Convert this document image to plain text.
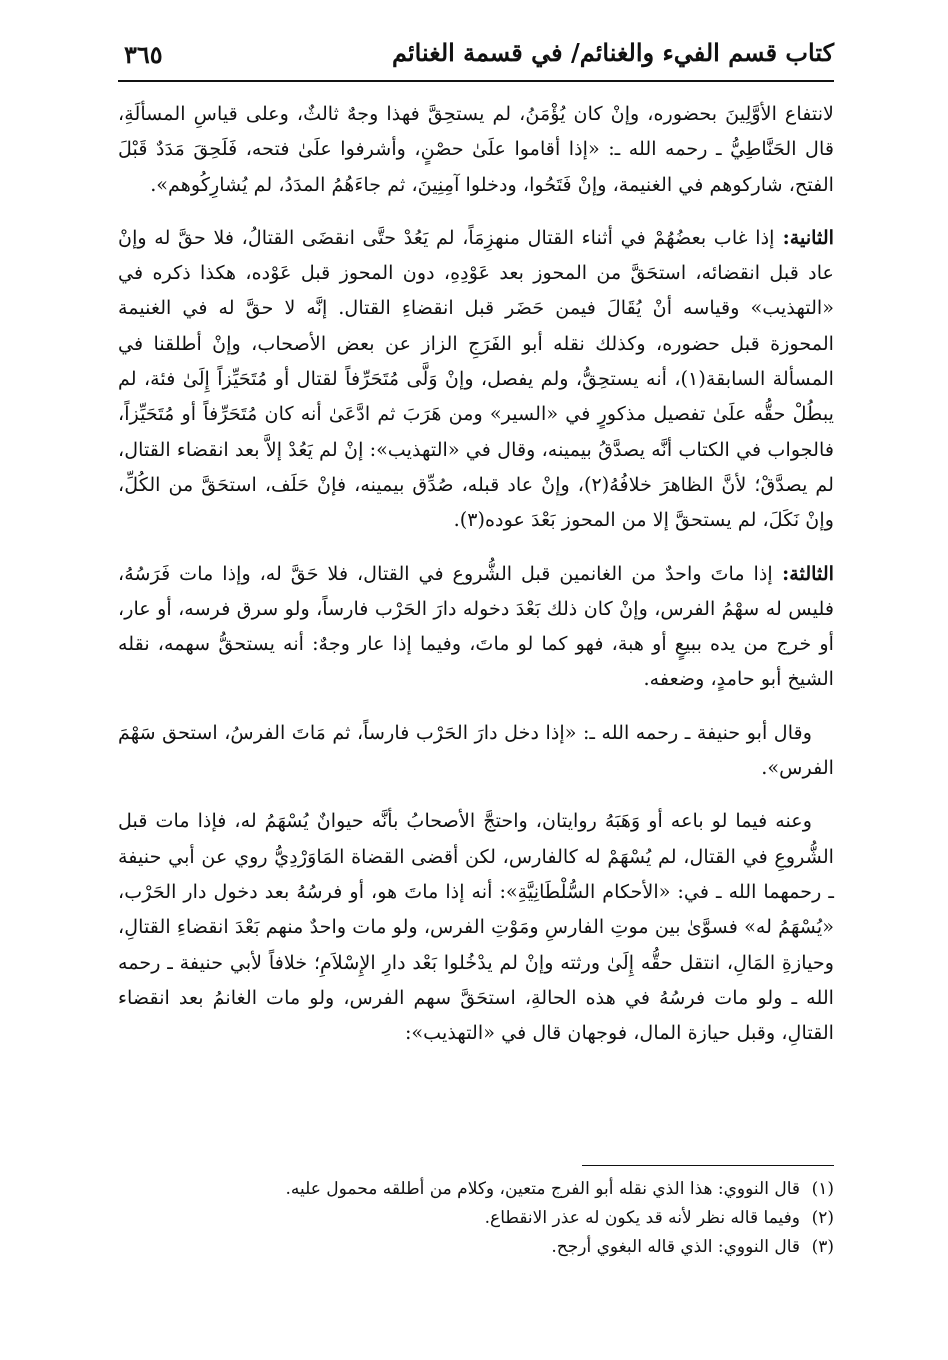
كتاب قسم الفيء والغنائم/ في قسمة الغنائم
٣٦٥

لانتفاع الأوَّلِينَ بحضوره، وإنْ كان يُؤْمَنُ، لم يستحِقَّ فهذا وجهٌ ثالثٌ، وعلى قياسِ المسألَةِ، قال الحَنَّاطِيُّ ـ رحمه الله ـ: «إذا أقاموا علَىٰ حصْنٍ، وأشرفوا علَىٰ فتحه، فَلَحِقَ مَدَدٌ قَبْلَ الفتح، شاركوهم في الغنيمة، وإنْ فَتَحُوا، ودخلوا آمِنِينَ، ثم جاءَهُمُ المدَدُ، لم يُشارِكُوهم».

الثانية: إذا غاب بعضُهُمْ في أثناء القتال منهزِمَاً، لم يَعُدْ حتَّى انقضَى القتالُ، فلا حقَّ له وإنْ عاد قبل انقضائه، استحَقَّ من المحوز بعد عَوْدِهِ، دون المحوز قبل عَوْده، هكذا ذكره في «التهذيب» وقياسه أنْ يُقَالَ فيمن حَضَر قبل انقضاءِ القتال. إنَّه لا حقَّ له في الغنيمة المحوزة قبل حضوره، وكذلك نقله أبو الفَرَجِ الزاز عن بعض الأصحاب، وإنْ أطلقنا في المسألة السابقة(١)، أنه يستحِقُّ، ولم يفصل، وإنْ وَلَّى مُتَحَرِّفاً لقتال أو مُتَحَيِّزاً إِلَىٰ فئة، لم يبطُلْ حقُّه علَىٰ تفصيل مذكورٍ في «السير» ومن هَرَبَ ثم ادَّعَىٰ أنه كان مُتَحَرِّفاً أو مُتَحَيِّزاً، فالجواب في الكتاب أنَّه يصدَّقُ بيمينه، وقال في «التهذيب»: إنْ لم يَعُدْ إلاَّ بعد انقضاء القتال، لم يصدَّقْ؛ لأنَّ الظاهرَ خلافُهُ(٢)، وإنْ عاد قبله، صُدِّق بيمينه، فإنْ حَلَف، استحَقَّ من الكُلِّ، وإنْ نَكَلَ، لم يستحقَّ إلا من المحوز بَعْدَ عوده(٣).

الثالثة: إذا ماتَ واحدٌ من الغانمين قبل الشُّروع في القتال، فلا حَقَّ له، وإذا مات فَرَسُهُ، فليس له سهْمُ الفرس، وإنْ كان ذلك بَعْدَ دخوله دارَ الحَرْب فارساً، ولو سرق فرسه، أو عار، أو خرج من يده ببيعٍ أو هبة، فهو كما لو ماتَ، وفيما إذا عار وجهٌ: أنه يستحقُّ سهمه، نقله الشيخ أبو حامدٍ، وضعفه.

وقال أبو حنيفة ـ رحمه الله ـ: «إذا دخل دارَ الحَرْب فارساً، ثم مَاتَ الفرسُ، استحق سَهْمَ الفرس».

وعنه فيما لو باعه أو وَهَبَهُ روايتان، واحتجَّ الأصحابُ بأنَّه حيوانٌ يُسْهَمُ له، فإذا مات قبل الشُّروعِ في القتال، لم يُسْهَمْ له كالفارس، لكن أقضى القضاة المَاوَرْدِيُّ روي عن أبي حنيفة ـ رحمهما الله ـ في: «الأحكام السُّلْطَانِيَّةِ»: أنه إذا ماتَ هو، أو فرسُهُ بعد دخول دار الحَرْب، «يُسْهَمُ له» فسوَّىٰ بين موتِ الفارسِ ومَوْتِ الفرس، ولو مات واحدٌ منهم بَعْدَ انقضاءِ القتالِ، وحيازةِ المَالِ، انتقل حقُّه إِلَىٰ ورثته وإنْ لم يدْخُلوا بَعْد دارِ الإِسْلاَمِ؛ خلافاً لأبي حنيفة ـ رحمه الله ـ ولو مات فرسُهُ في هذه الحالةِ، استحَقَّ سهم الفرس، ولو مات الغانمُ بعد انقضاء القتالِ، وقبل حيازة المال، فوجهان قال في «التهذيب»:

(١)
قال النووي: هذا الذي نقله أبو الفرج متعين، وكلام من أطلقه محمول عليه.
(٢)
وفيما قاله نظر لأنه قد يكون له عذر الانقطاع.
(٣)
قال النووي: الذي قاله البغوي أرجح.
